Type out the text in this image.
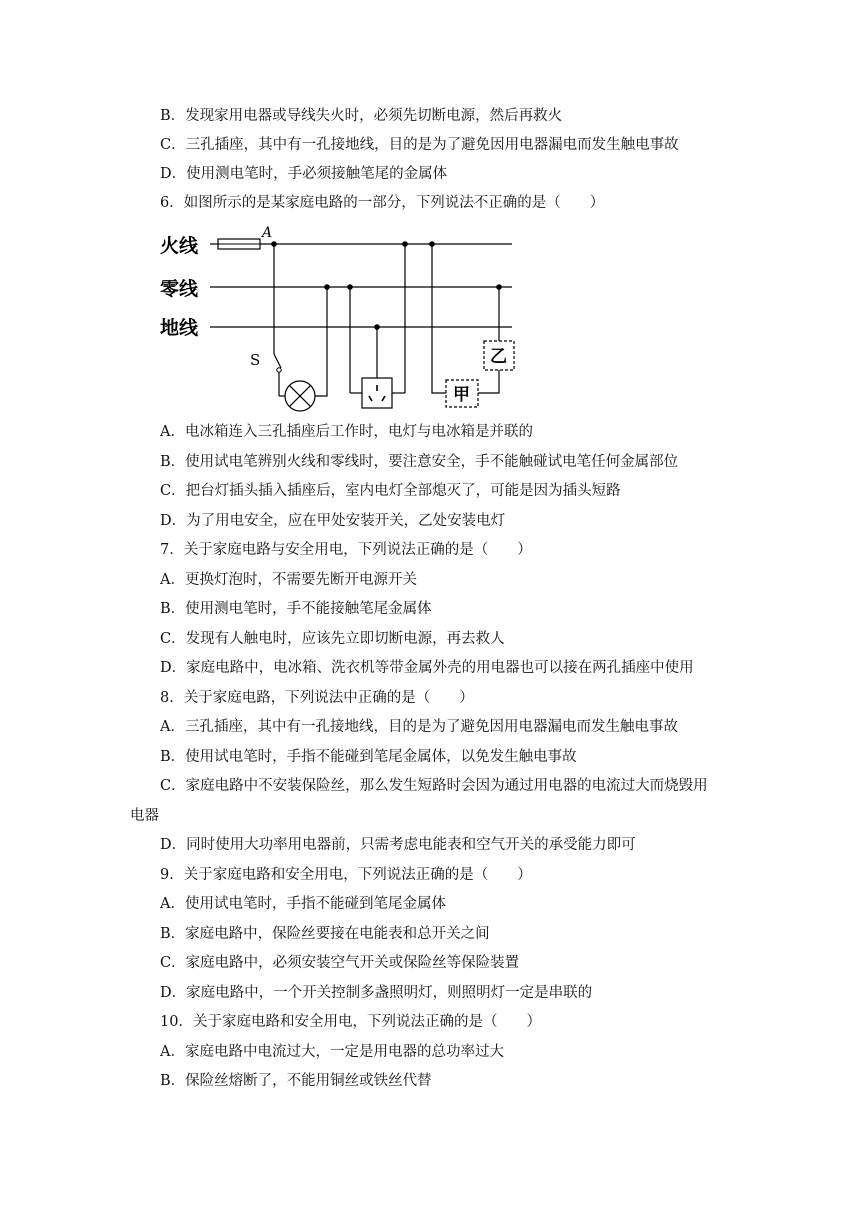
B．发现家用电器或导线失火时，必须先切断电源，然后再救火
C．三孔插座，其中有一孔接地线，目的是为了避免因用电器漏电而发生触电事故
D．使用测电笔时，手必须接触笔尾的金属体
6．如图所示的是某家庭电路的一部分，下列说法不正确的是（　　）
火线
零线
地线
A
S
甲
乙
A．电冰箱连入三孔插座后工作时，电灯与电冰箱是并联的
B．使用试电笔辨别火线和零线时，要注意安全，手不能触碰试电笔任何金属部位
C．把台灯插头插入插座后，室内电灯全部熄灭了，可能是因为插头短路
D．为了用电安全，应在甲处安装开关，乙处安装电灯
7．关于家庭电路与安全用电，下列说法正确的是（　　）
A．更换灯泡时，不需要先断开电源开关
B．使用测电笔时，手不能接触笔尾金属体
C．发现有人触电时，应该先立即切断电源，再去救人
D．家庭电路中，电冰箱、洗衣机等带金属外壳的用电器也可以接在两孔插座中使用
8．关于家庭电路，下列说法中正确的是（　　）
A．三孔插座，其中有一孔接地线，目的是为了避免因用电器漏电而发生触电事故
B．使用试电笔时，手指不能碰到笔尾金属体，以免发生触电事故
C．家庭电路中不安装保险丝，那么发生短路时会因为通过用电器的电流过大而烧毁用
电器
D．同时使用大功率用电器前，只需考虑电能表和空气开关的承受能力即可
9．关于家庭电路和安全用电，下列说法正确的是（　　）
A．使用试电笔时，手指不能碰到笔尾金属体
B．家庭电路中，保险丝要接在电能表和总开关之间
C．家庭电路中，必须安装空气开关或保险丝等保险装置
D．家庭电路中，一个开关控制多盏照明灯，则照明灯一定是串联的
10．关于家庭电路和安全用电，下列说法正确的是（　　）
A．家庭电路中电流过大，一定是用电器的总功率过大
B．保险丝熔断了，不能用铜丝或铁丝代替
